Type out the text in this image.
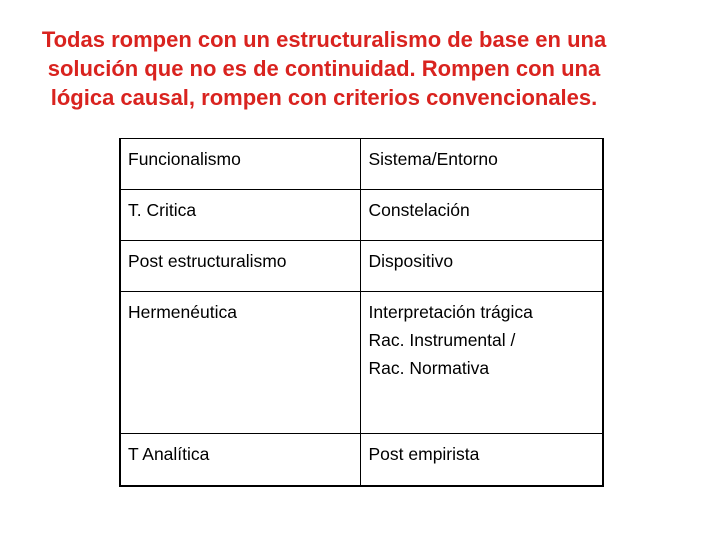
Todas rompen con un estructuralismo de base en una
solución que no es de continuidad. Rompen con una
lógica causal, rompen con criterios convencionales.
Funcionalismo	Sistema/Entorno

T. Critica	Constelación

Post estructuralismo	Dispositivo

Hermenéutica	Interpretación trágica
Rac. Instrumental /
Rac. Normativa

T Analítica	Post empirista
